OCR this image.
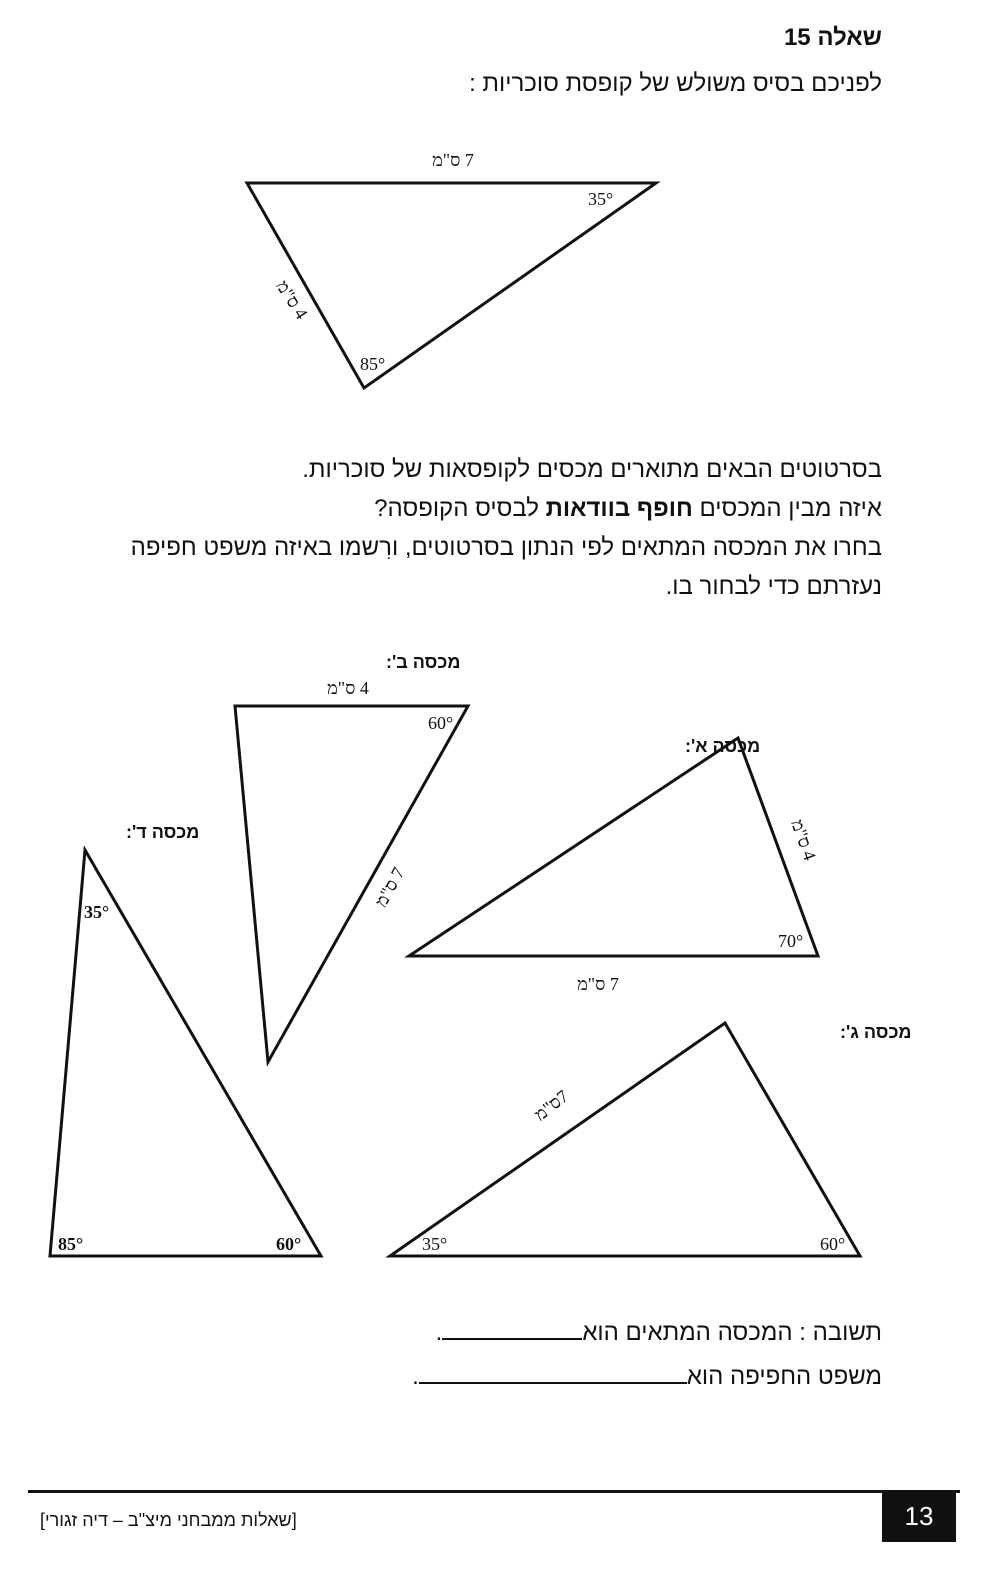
שאלה 15
לפניכם בסיס משולש של קופסת סוכריות :
7 ס"מ
35°
85°
4 ס"מ
4 ס"מ
60°
7 ס"מ
4 ס"מ
70°
7 ס"מ
35°
85°	60°
7ס"מ
35°	60°
מכסה ב':
מכסה א':
מכסה ד':
מכסה ג':

בסרטוטים הבאים מתוארים מכסים לקופסאות של סוכריות.

איזה מבין המכסים חופף בוודאות לבסיס הקופסה?

בחרו את המכסה המתאים לפי הנתון בסרטוטים, ורִשמו באיזה משפט חפיפה

נעזרתם כדי לבחור בו.

תשובה : המכסה המתאים הוא.
משפט החפיפה הוא.
13
[שאלות ממבחני מיצ"ב – דיה זגורי]
